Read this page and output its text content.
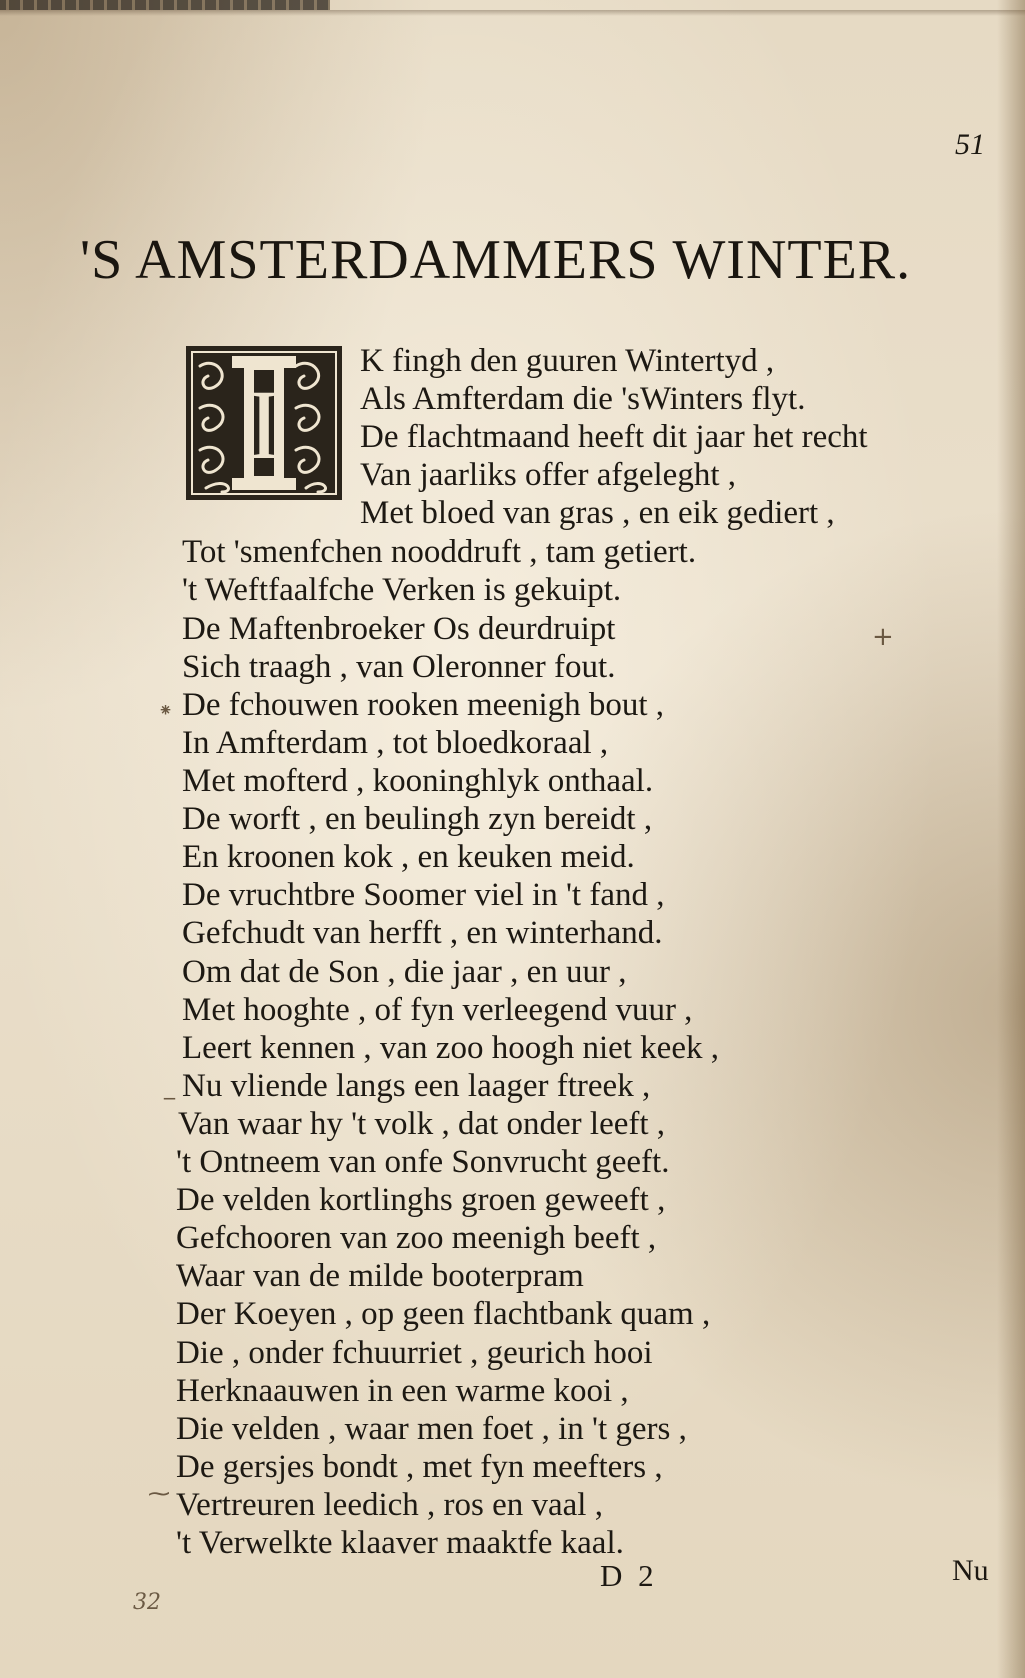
51
'S AMSTERDAMMERS WINTER.
I
K fingh den guuren Wintertyd ,
Als Amfterdam die 'sWinters flyt.
De flachtmaand heeft dit jaar het recht
Van jaarliks offer afgeleght ,
Met bloed van gras , en eik gediert ,
Tot 'smenfchen nooddruft , tam getiert.
't Weftfaalfche Verken is gekuipt.
De Maftenbroeker Os deurdruipt
Sich traagh , van Oleronner fout.
De fchouwen rooken meenigh bout ,
In Amfterdam , tot bloedkoraal ,
Met mofterd , kooninghlyk onthaal.
De worft , en beulingh zyn bereidt ,
En kroonen kok , en keuken meid.
De vruchtbre Soomer viel in 't fand ,
Gefchudt van herfft , en winterhand.
Om dat de Son , die jaar , en uur ,
Met hooghte , of fyn verleegend vuur ,
Leert kennen , van zoo hoogh niet keek ,
Nu vliende langs een laager ftreek ,
Van waar hy 't volk , dat onder leeft ,
't Ontneem van onfe Sonvrucht geeft.
De velden kortlinghs groen geweeft ,
Gefchooren van zoo meenigh beeft ,
Waar van de milde booterpram
Der Koeyen , op geen flachtbank quam ,
Die , onder fchuurriet , geurich hooi
Herknaauwen in een warme kooi ,
Die velden , waar men foet , in 't gers ,
De gersjes bondt , met fyn meefters ,
Vertreuren leedich , ros en vaal ,
't Verwelkte klaaver maaktfe kaal.
D 2	Nu
32
+
⁕
_
⁓
